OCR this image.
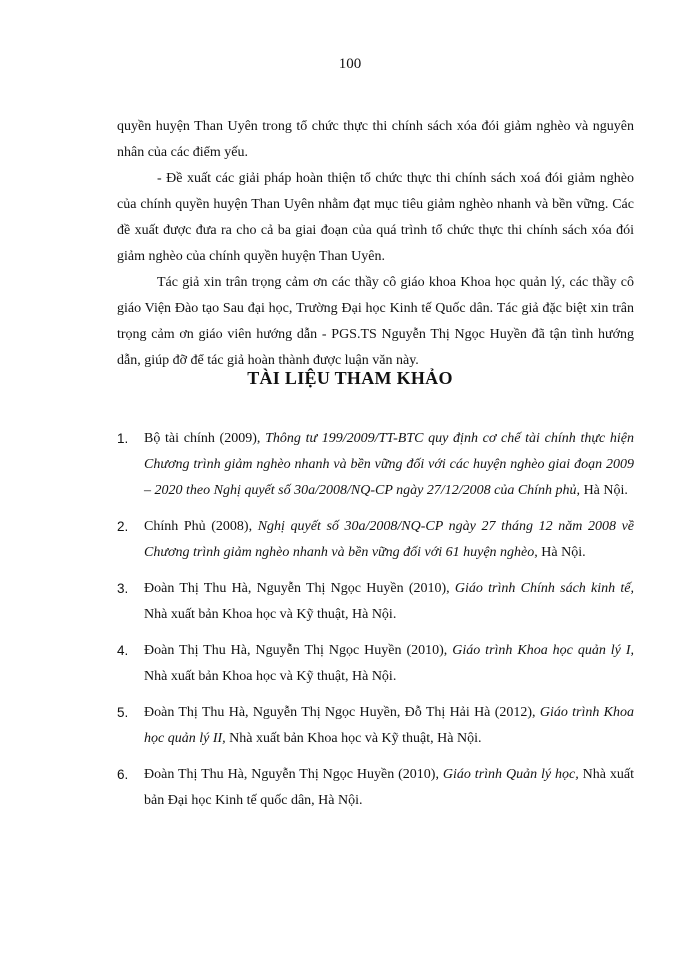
100

quyền huyện Than Uyên trong tổ chức thực thi chính sách xóa đói giảm nghèo và nguyên nhân của các điểm yếu.

- Đề xuất các giải pháp hoàn thiện tổ chức thực thi chính sách xoá đói giảm nghèo của chính quyền huyện Than Uyên nhằm đạt mục tiêu giảm nghèo nhanh và bền vững. Các đề xuất được đưa ra cho cả ba giai đoạn của quá trình tổ chức thực thi chính sách xóa đói giảm nghèo của chính quyền huyện Than Uyên.

Tác giả xin trân trọng cảm ơn các thầy cô giáo khoa Khoa học quản lý, các thầy cô giáo Viện Đào tạo Sau đại học, Trường Đại học Kinh tế Quốc dân. Tác giả đặc biệt xin trân trọng cảm ơn giáo viên hướng dẫn - PGS.TS Nguyễn Thị Ngọc Huyền đã tận tình hướng dẫn, giúp đỡ để tác giả hoàn thành được luận văn này.

TÀI LIỆU THAM KHẢO
1. Bộ tài chính (2009), Thông tư 199/2009/TT-BTC quy định cơ chế tài chính thực hiện Chương trình giảm nghèo nhanh và bền vững đối với các huyện nghèo giai đoạn 2009 – 2020 theo Nghị quyết số 30a/2008/NQ-CP ngày 27/12/2008 của Chính phủ, Hà Nội.
2. Chính Phủ (2008), Nghị quyết số 30a/2008/NQ-CP ngày 27 tháng 12 năm 2008 về Chương trình giảm nghèo nhanh và bền vững đối với 61 huyện nghèo, Hà Nội.
3. Đoàn Thị Thu Hà, Nguyễn Thị Ngọc Huyền (2010), Giáo trình Chính sách kinh tế, Nhà xuất bản Khoa học và Kỹ thuật, Hà Nội.
4. Đoàn Thị Thu Hà, Nguyễn Thị Ngọc Huyền (2010), Giáo trình Khoa học quản lý I, Nhà xuất bản Khoa học và Kỹ thuật, Hà Nội.
5. Đoàn Thị Thu Hà, Nguyễn Thị Ngọc Huyền, Đỗ Thị Hải Hà (2012), Giáo trình Khoa học quản lý II, Nhà xuất bản Khoa học và Kỹ thuật, Hà Nội.
6. Đoàn Thị Thu Hà, Nguyễn Thị Ngọc Huyền (2010), Giáo trình Quản lý học, Nhà xuất bản Đại học Kinh tế quốc dân, Hà Nội.
